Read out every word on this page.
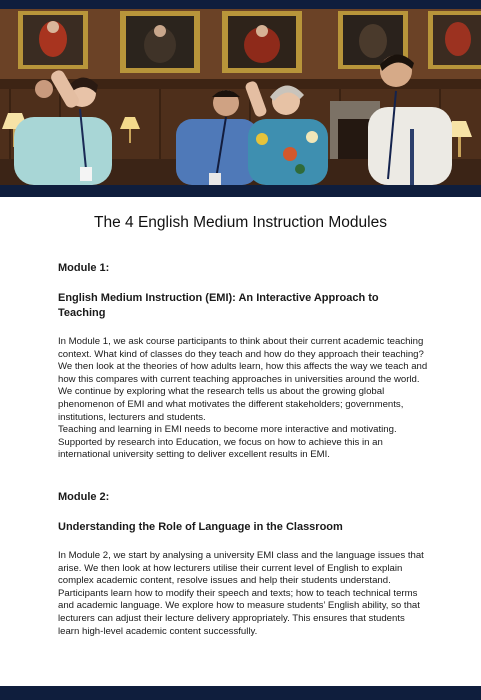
The 4 English Medium Instruction Modules

Module 1:

English Medium Instruction (EMI): An Interactive Approach to Teaching

In Module 1, we ask course participants to think about their current academic teaching context. What kind of classes do they teach and how do they approach their teaching? We then look at the theories of how adults learn, how this affects the way we teach and how this compares with current teaching approaches in universities around the world.

We continue by exploring what the research tells us about the growing global phenomenon of EMI and what motivates the different stakeholders; governments, institutions, lecturers and students.

Teaching and learning in EMI needs to become more interactive and motivating. Supported by research into Education, we focus on how to achieve this in an international university setting to deliver excellent results in EMI.

Module 2:

Understanding the Role of Language in the Classroom

In Module 2, we start by analysing a university EMI class and the language issues that arise. We then look at how lecturers utilise their current level of English to explain complex academic content, resolve issues and help their students understand. Participants learn how to modify their speech and texts; how to teach technical terms and academic language. We explore how to measure students’ English ability, so that lecturers can adjust their lecture delivery appropriately. This ensures that students learn high-level academic content successfully.
